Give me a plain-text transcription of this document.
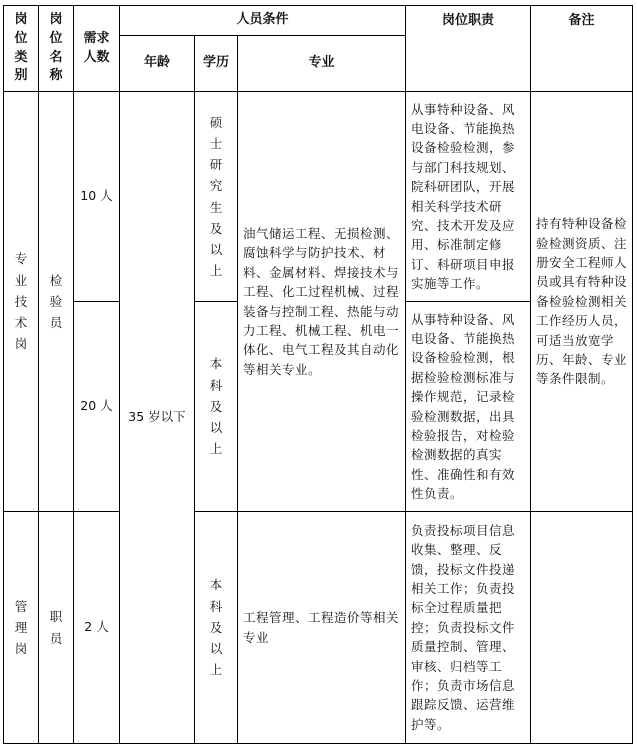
岗位类别	岗位名称	需求人数	人员条件			岗位职责	备注
			年龄	学历	专业		
专业技术岗	检验员	10 人	35 岁以下	硕士研究生及以上	油气储运工程、无损检测、腐蚀科学与防护技术、材料、金属材料、焊接技术与工程、化工过程机械、过程装备与控制工程、热能与动力工程、机械工程、机电一体化、电气工程及其自动化等相关专业。	从事特种设备、风电设备、节能换热设备检验检测，参与部门科技规划、院科研团队，开展相关科学技术研究、技术开发及应用、标准制定修订、科研项目申报实施等工作。	持有特种设备检验检测资质、注册安全工程师人员或具有特种设备检验检测相关工作经历人员，可适当放宽学历、年龄、专业等条件限制。
		20 人		本科及以上		从事特种设备、风电设备、节能换热设备检验检测，根据检验检测标准与操作规范，记录检验检测数据，出具检验报告，对检验检测数据的真实性、准确性和有效性负责。	
管理岗	职员	2 人		本科及以上	工程管理、工程造价等相关专业	负责投标项目信息收集、整理、反馈，投标文件投递相关工作；负责投标全过程质量把控；负责投标文件质量控制、管理、审核、归档等工作；负责市场信息跟踪反馈、运营维护等。	
